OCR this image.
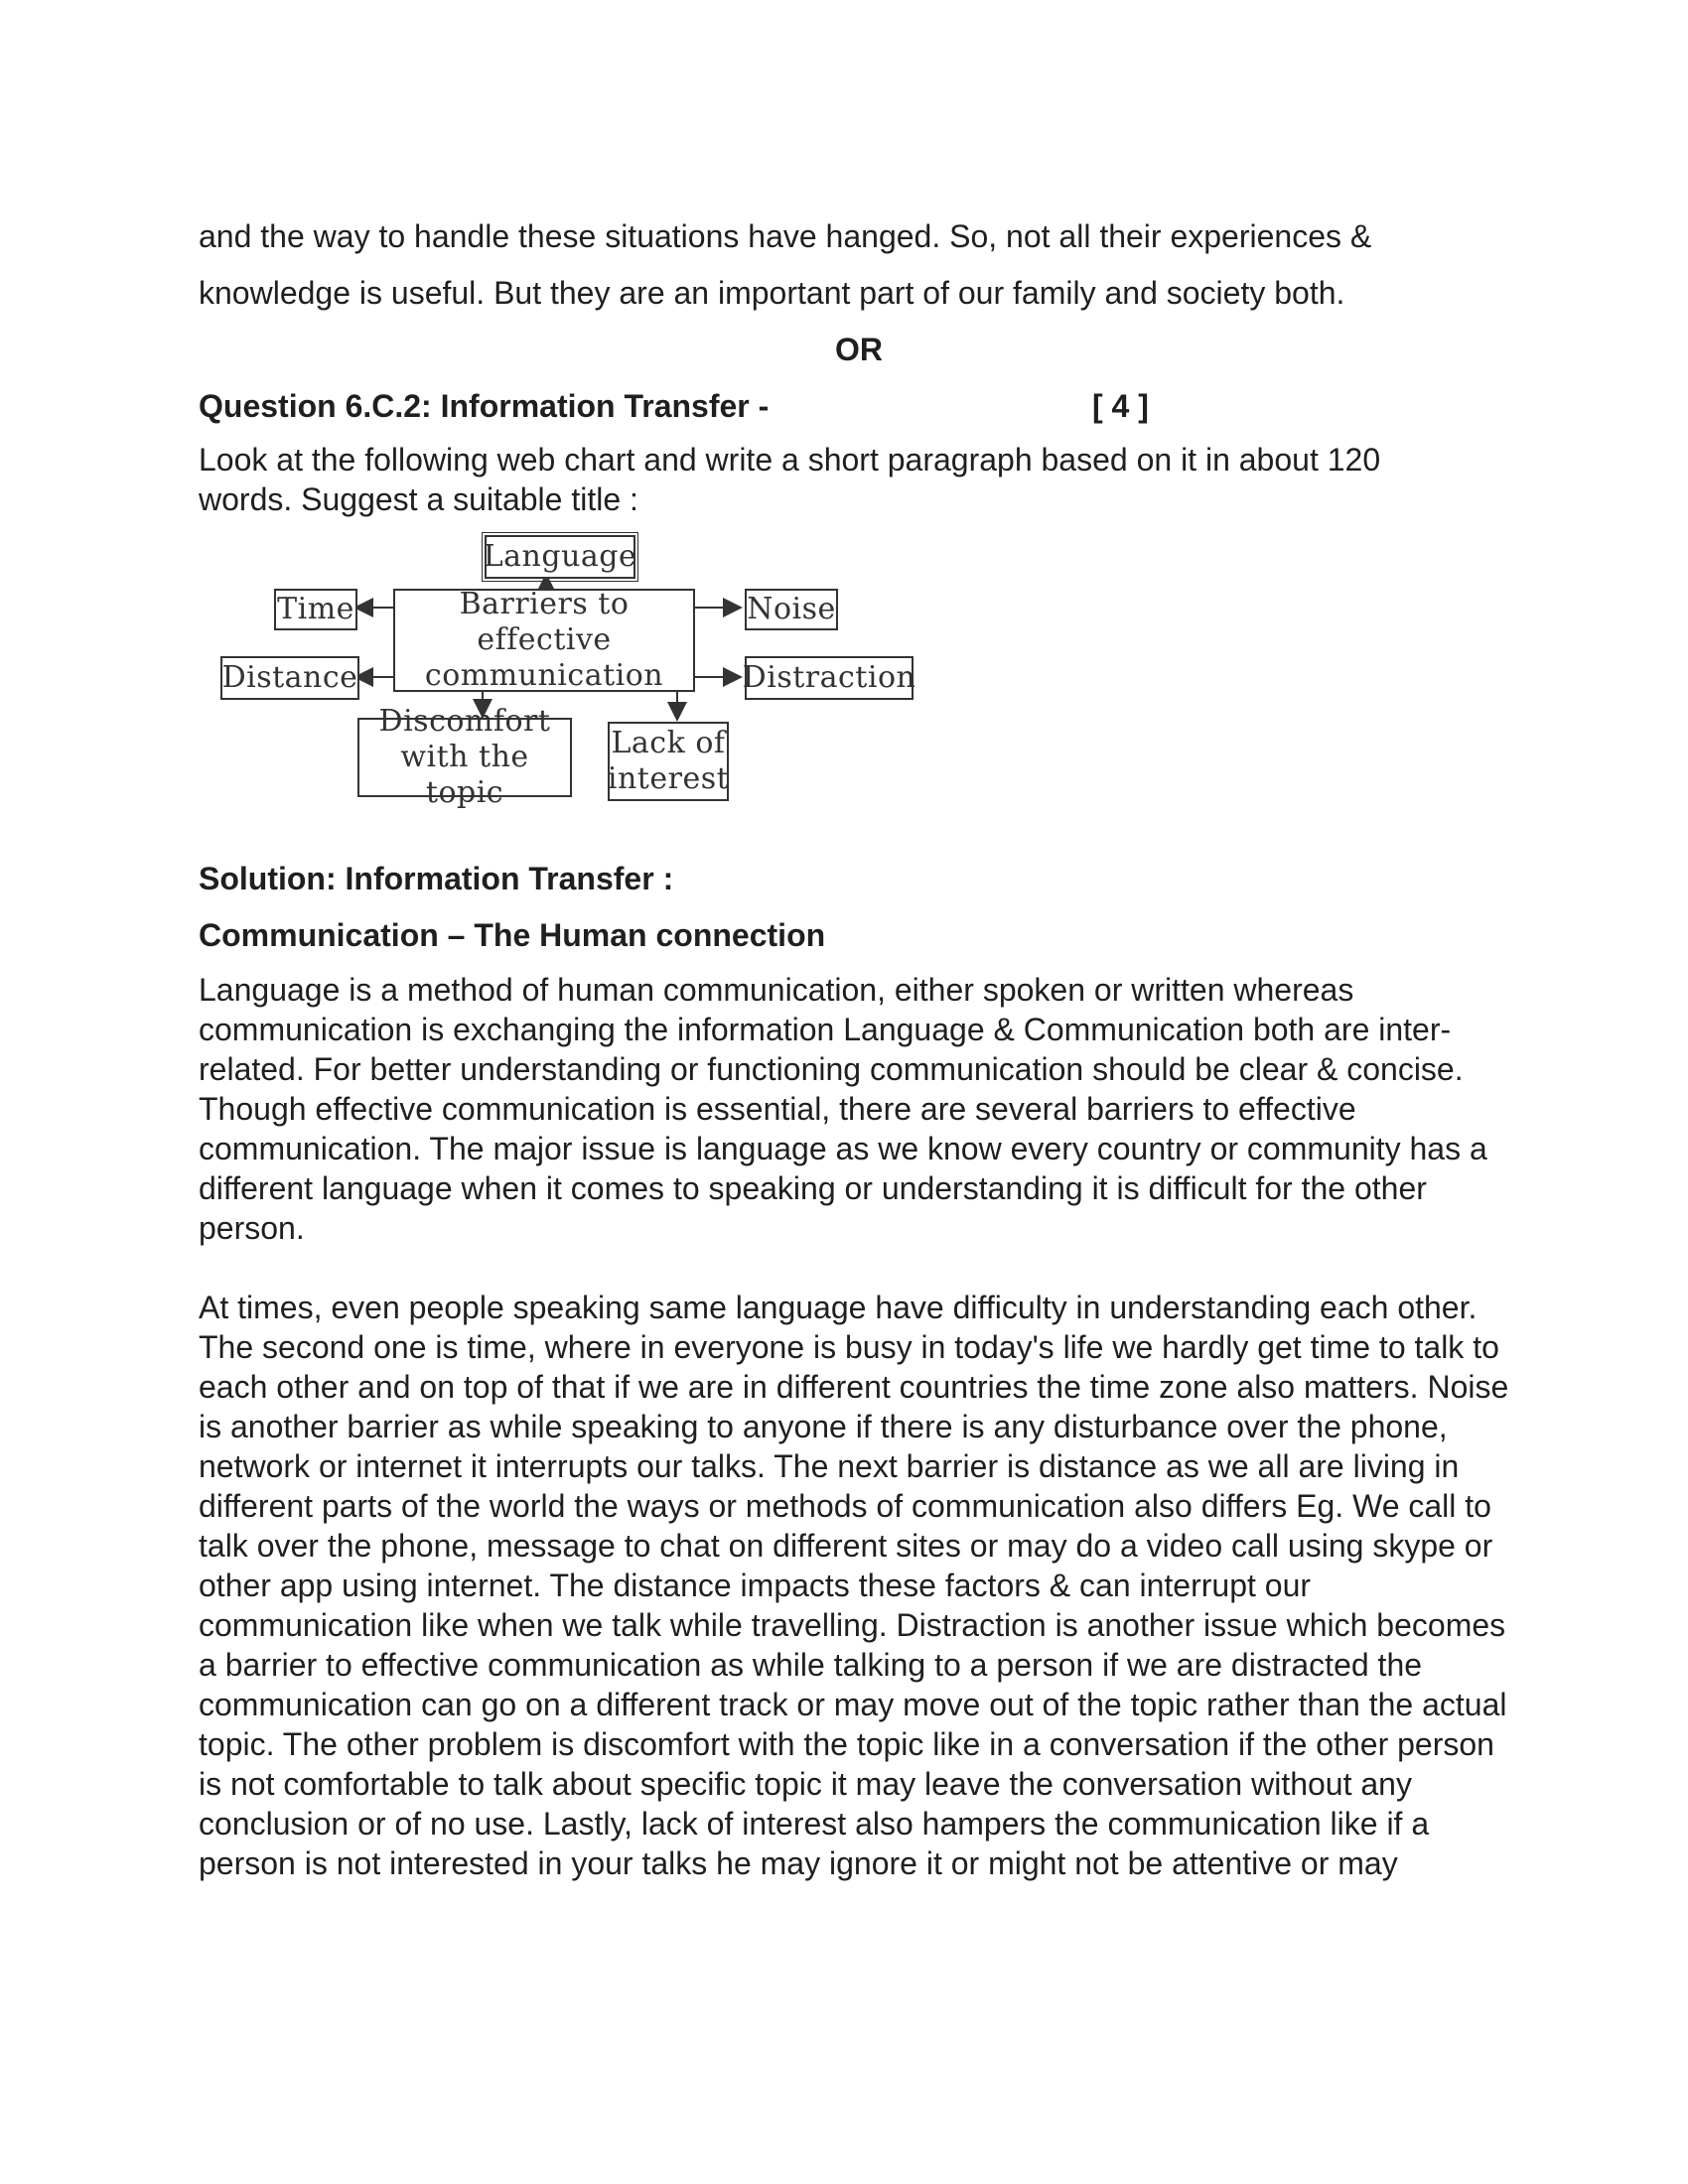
and the way to handle these situations have hanged. So, not all their experiences &

knowledge is useful. But they are an important part of our family and society both.

OR

Question 6.C.2: Information Transfer -	[ 4 ]

Look at the following web chart and write a short paragraph based on it in about 120 words. Suggest a suitable title :

Language
Time	Barriers to effective communication
Noise
Distance	Distraction
Discomfort with the topic
Lack of interest

Solution: Information Transfer :

Communication – The Human connection

Language is a method of human communication, either spoken or written whereas communication is exchanging the information Language & Communication both are inter-related. For better understanding or functioning communication should be clear & concise. Though effective communication is essential, there are several barriers to effective communication. The major issue is language as we know every country or community has a different language when it comes to speaking or understanding it is difficult for the other person.

At times, even people speaking same language have difficulty in understanding each other. The second one is time, where in everyone is busy in today's life we hardly get time to talk to each other and on top of that if we are in different countries the time zone also matters. Noise is another barrier as while speaking to anyone if there is any disturbance over the phone, network or internet it interrupts our talks. The next barrier is distance as we all are living in different parts of the world the ways or methods of communication also differs Eg. We call to talk over the phone, message to chat on different sites or may do a video call using skype or other app using internet. The distance impacts these factors & can interrupt our communication like when we talk while travelling. Distraction is another issue which becomes a barrier to effective communication as while talking to a person if we are distracted the communication can go on a different track or may move out of the topic rather than the actual topic. The other problem is discomfort with the topic like in a conversation if the other person is not comfortable to talk about specific topic it may leave the conversation without any conclusion or of no use. Lastly, lack of interest also hampers the communication like if a person is not interested in your talks he may ignore it or might not be attentive or may
